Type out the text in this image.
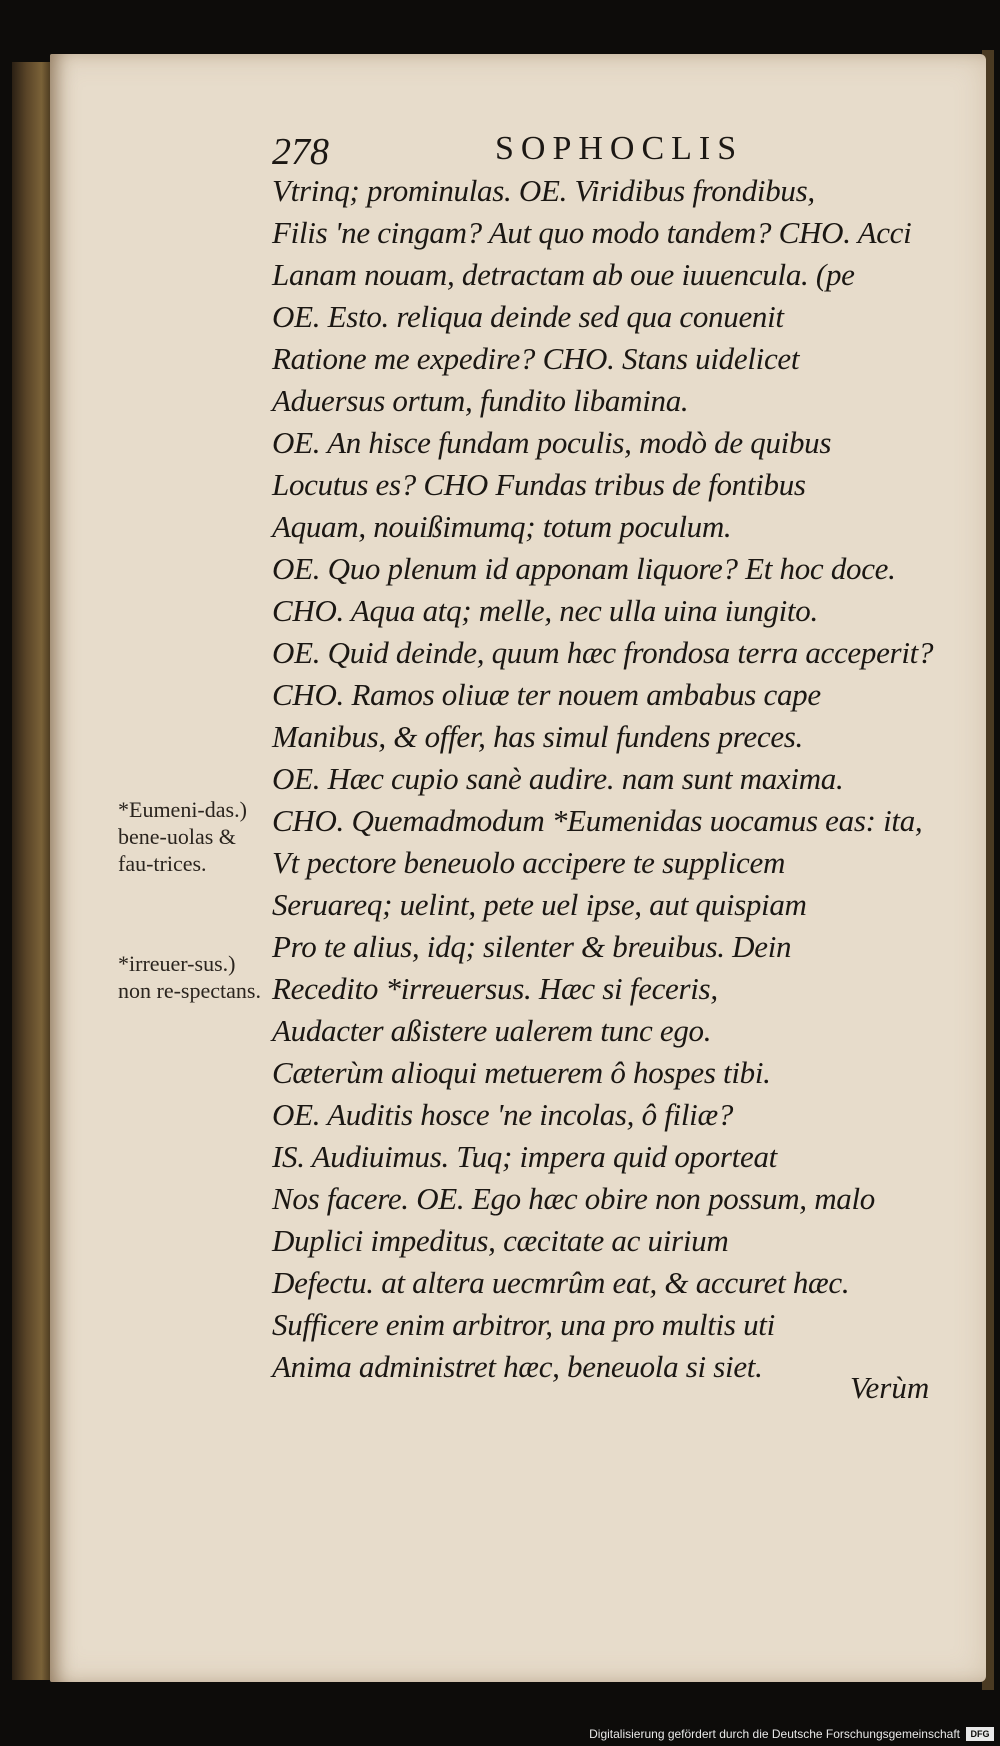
278	SOPHOCLIS
Vtrinq; prominulas. OE. Viridibus frondibus,
Filis 'ne cingam? Aut quo modo tandem? CHO. Acci
Lanam nouam, detractam ab oue iuuencula. (pe
OE. Esto. reliqua deinde sed qua conuenit
Ratione me expedire? CHO. Stans uidelicet
Aduersus ortum, fundito libamina.
OE. An hisce fundam poculis, modò de quibus
Locutus es? CHO Fundas tribus de fontibus
Aquam, nouißimumq; totum poculum.
OE. Quo plenum id apponam liquore? Et hoc doce.
CHO. Aqua atq; melle, nec ulla uina iungito.
OE. Quid deinde, quum hæc frondosa terra acceperit?
CHO. Ramos oliuæ ter nouem ambabus cape
Manibus, & offer, has simul fundens preces.
OE. Hæc cupio sanè audire. nam sunt maxima.
CHO. Quemadmodum *Eumenidas uocamus eas: ita,
Vt pectore beneuolo accipere te supplicem
Seruareq; uelint, pete uel ipse, aut quispiam
Pro te alius, idq; silenter & breuibus. Dein
Recedito *irreuersus. Hæc si feceris,
Audacter aßistere ualerem tunc ego.
Cæterùm alioqui metuerem ô hospes tibi.
OE. Auditis hosce 'ne incolas, ô filiæ?
IS. Audiuimus. Tuq; impera quid oporteat
Nos facere. OE. Ego hæc obire non possum, malo
Duplici impeditus, cæcitate ac uirium
Defectu. at altera ueстrûm eat, & accuret hæc.
Sufficere enim arbitror, una pro multis uti
Anima administret hæc, beneuola si siet.
Verùm
*Eumeni-das.) bene-uolas & fau-trices.
*irreuer-sus.) non re-spectans.
Digitalisierung gefördert durch die Deutsche Forschungsgemeinschaft	DFG
